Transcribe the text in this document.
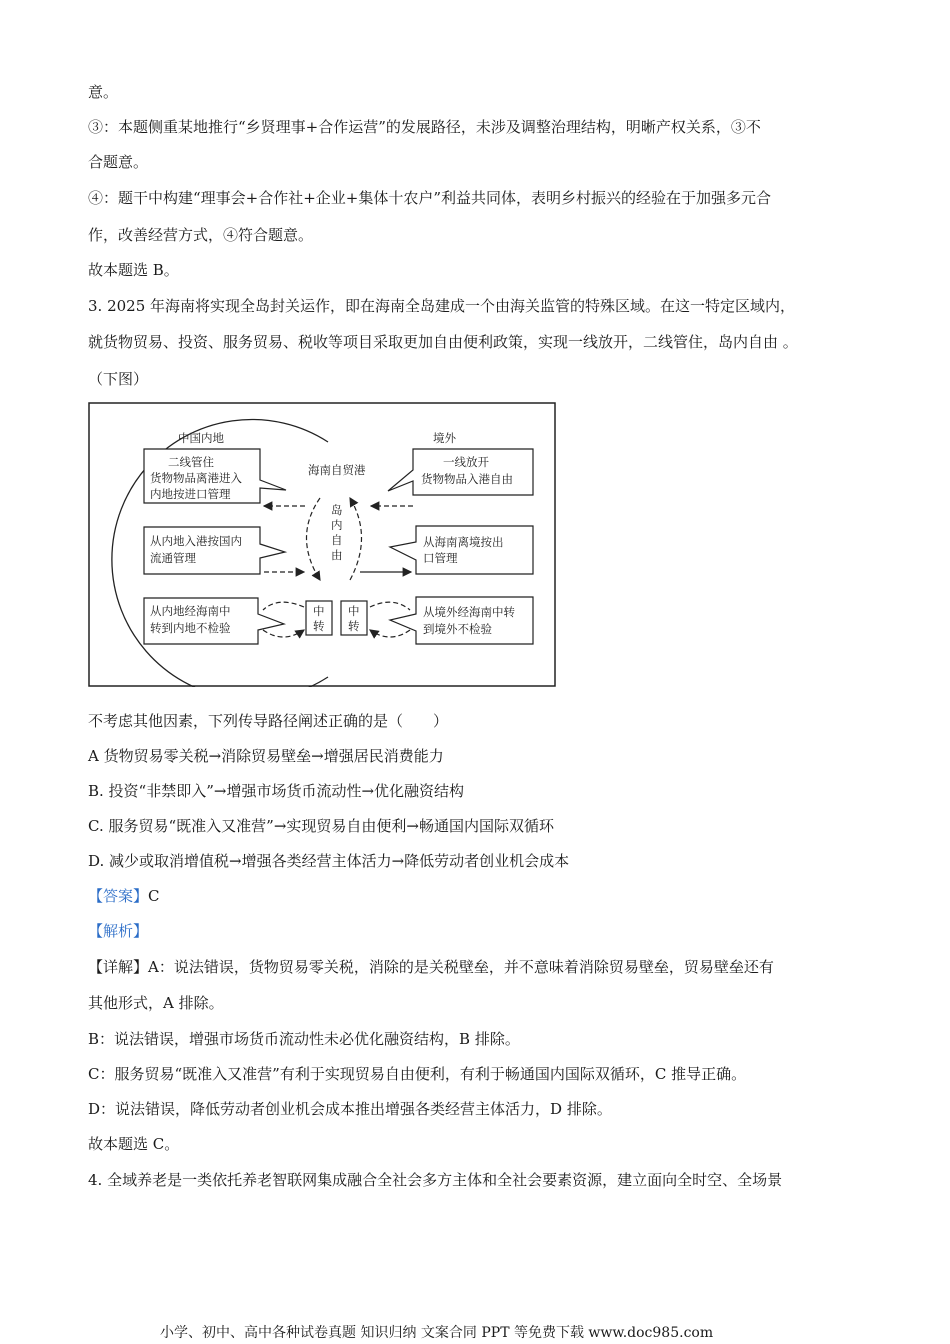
意。
③：本题侧重某地推行“乡贤理事+合作运营”的发展路径，未涉及调整治理结构，明晰产权关系，③不
合题意。
④：题干中构建“理事会+合作社+企业+集体十农户”利益共同体，表明乡村振兴的经验在于加强多元合
作，改善经营方式，④符合题意。
故本题选 B。
3. 2025 年海南将实现全岛封关运作，即在海南全岛建成一个由海关监管的特殊区域。在这一特定区域内，
就货物贸易、投资、服务贸易、税收等项目采取更加自由便利政策，实现一线放开，二线管住，岛内自由 。
（下图）
中国内地	境外
海南自贸港
岛
内
自
由
二线管住
货物物品离港进入
内地按进口管理
一线放开
货物物品入港自由
从内地入港按国内
流通管理
从海南离境按出
口管理
从内地经海南中
转到内地不检验
从境外经海南中转
到境外不检验
中
转
中
转
不考虑其他因素，下列传导路径阐述正确的是（　　）
A 货物贸易零关税→消除贸易壁垒→增强居民消费能力
B. 投资“非禁即入”→增强市场货币流动性→优化融资结构
C. 服务贸易“既准入又准营”→实现贸易自由便利→畅通国内国际双循环
D. 减少或取消增值税→增强各类经营主体活力→降低劳动者创业机会成本
【答案】C
【解析】
【详解】A：说法错误，货物贸易零关税，消除的是关税壁垒，并不意味着消除贸易壁垒，贸易壁垒还有
其他形式，A 排除。
B：说法错误，增强市场货币流动性未必优化融资结构，B 排除。
C：服务贸易“既准入又准营”有利于实现贸易自由便利，有利于畅通国内国际双循环，C 推导正确。
D：说法错误，降低劳动者创业机会成本推出增强各类经营主体活力，D 排除。
故本题选 C。
4. 全域养老是一类依托养老智联网集成融合全社会多方主体和全社会要素资源，建立面向全时空、全场景
小学、初中、高中各种试卷真题 知识归纳 文案合同 PPT 等免费下载 www.doc985.com
